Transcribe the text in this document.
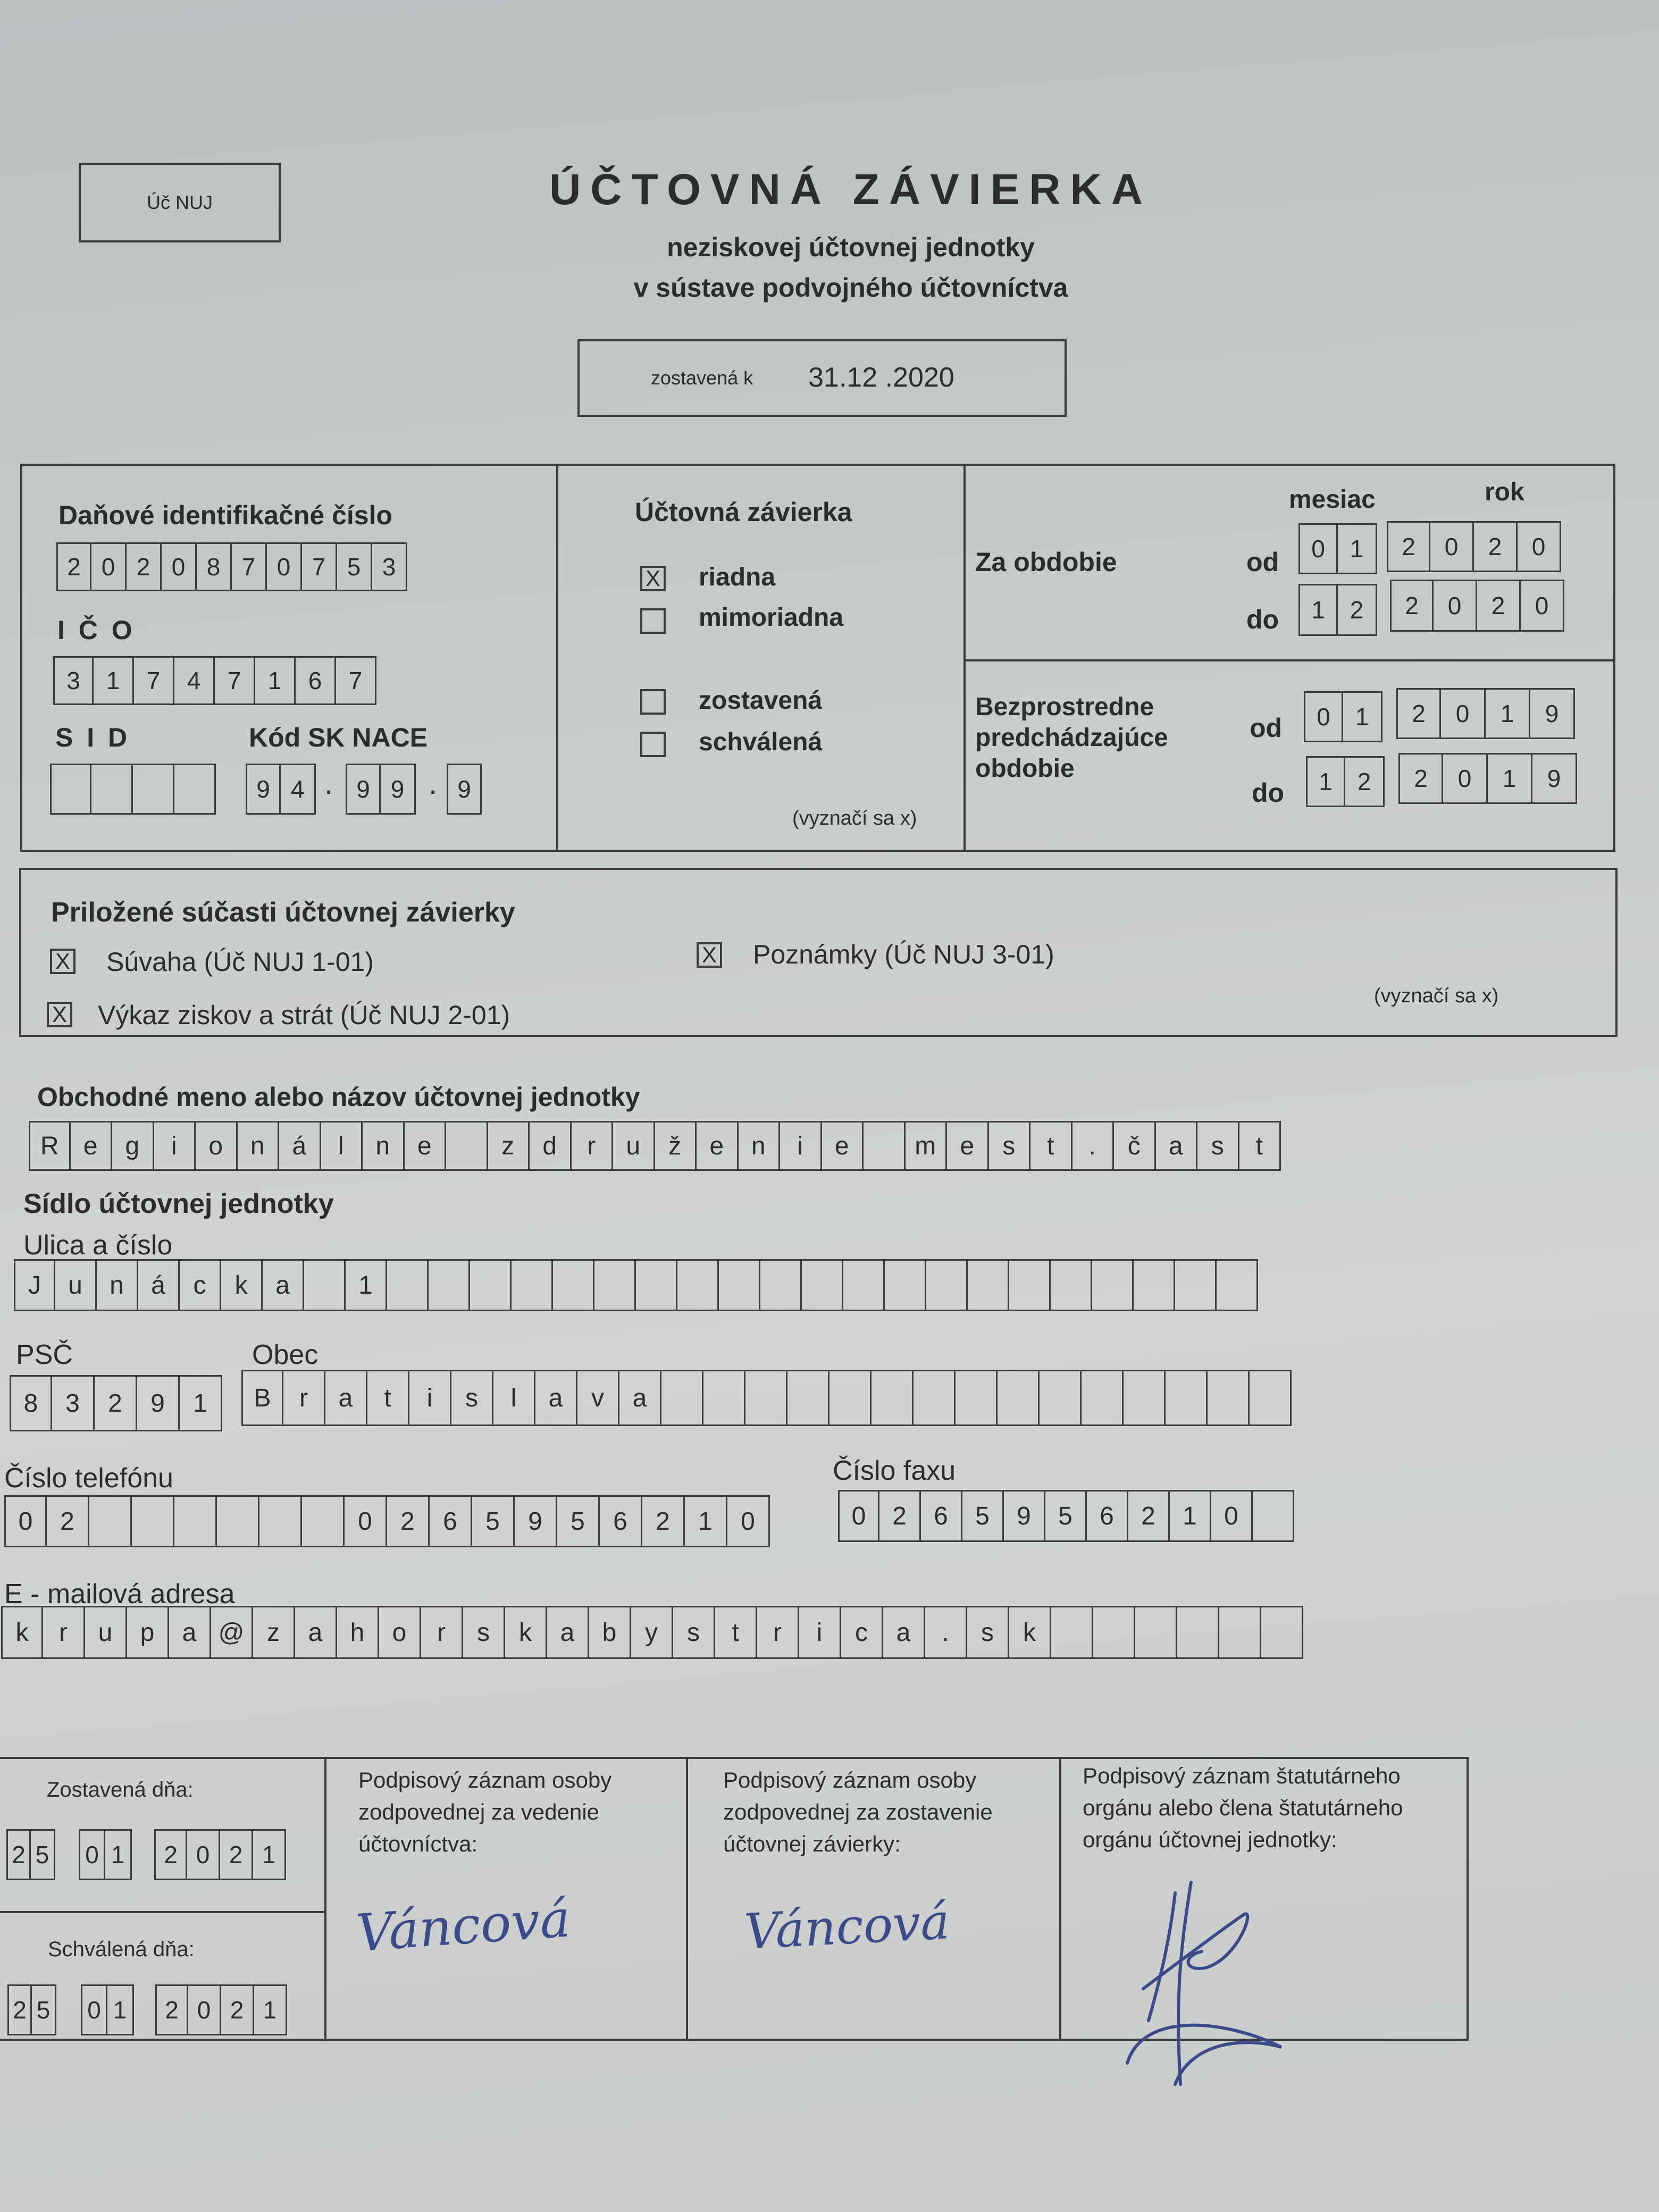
Úč NUJ	ÚČTOVNÁ ZÁVIERKA
neziskovej účtovnej jednotky
v sústave podvojného účtovníctva
zostavená k 31.12 .2020
Daňové identifikačné číslo
2 0 2 0 8 7 0 7 5 3
I Č O
3	1	7	4	7	1	6	7
S I D	Kód SK NACE
9 4 . 9 9 . 9
Účtovná závierka
X riadna
mimoriadna
zostavená
schválená
(vyznačí sa x)
mesiac	rok
Za obdobie	od	0	1	2	0	2	0
do	1	2	2	0	2	0
Bezprostredne
predchádzajúce
obdobie
od	0	1	2	0	1	9
do	1	2	2	0	1	9
Priložené súčasti účtovnej závierky
X Súvaha (Úč NUJ 1-01)	X Poznámky (Úč NUJ 3-01)
X Výkaz ziskov a strát (Úč NUJ 2-01)
(vyznačí sa x)
Obchodné meno alebo názov účtovnej jednotky
R e	g	i	o	n	á	l	n	e	z	d	r	u	ž	e	n	i	e	m e	s	t	.	č	a	s	t
Sídlo účtovnej jednotky
Ulica a číslo
J	u	n	á	c	k	a	1
PSČ
8	3	2	9	1
Obec
B	r	a	t	i	s	l	a	v	a
Číslo telefónu
0	2	0	2	6	5	9	5	6	2	1	0
Číslo faxu
0	2	6	5	9	5	6	2	1	0
E - mailová adresa
k	r	u	p	a @ z	a	h	o	r	s	k	a	b	y	s	t	r	i	c	a	.	s	k
Zostavená dňa:
2 5 0 1	2 0 2 1
Schválená dňa:
2 5 0 1	2 0 2 1
Podpisový záznam osoby
zodpovednej za vedenie
účtovníctva:
Váncová
Podpisový záznam osoby
zodpovednej za zostavenie
účtovnej závierky:
Váncová
Podpisový záznam štatutárneho
orgánu alebo člena štatutárneho
orgánu účtovnej jednotky:
